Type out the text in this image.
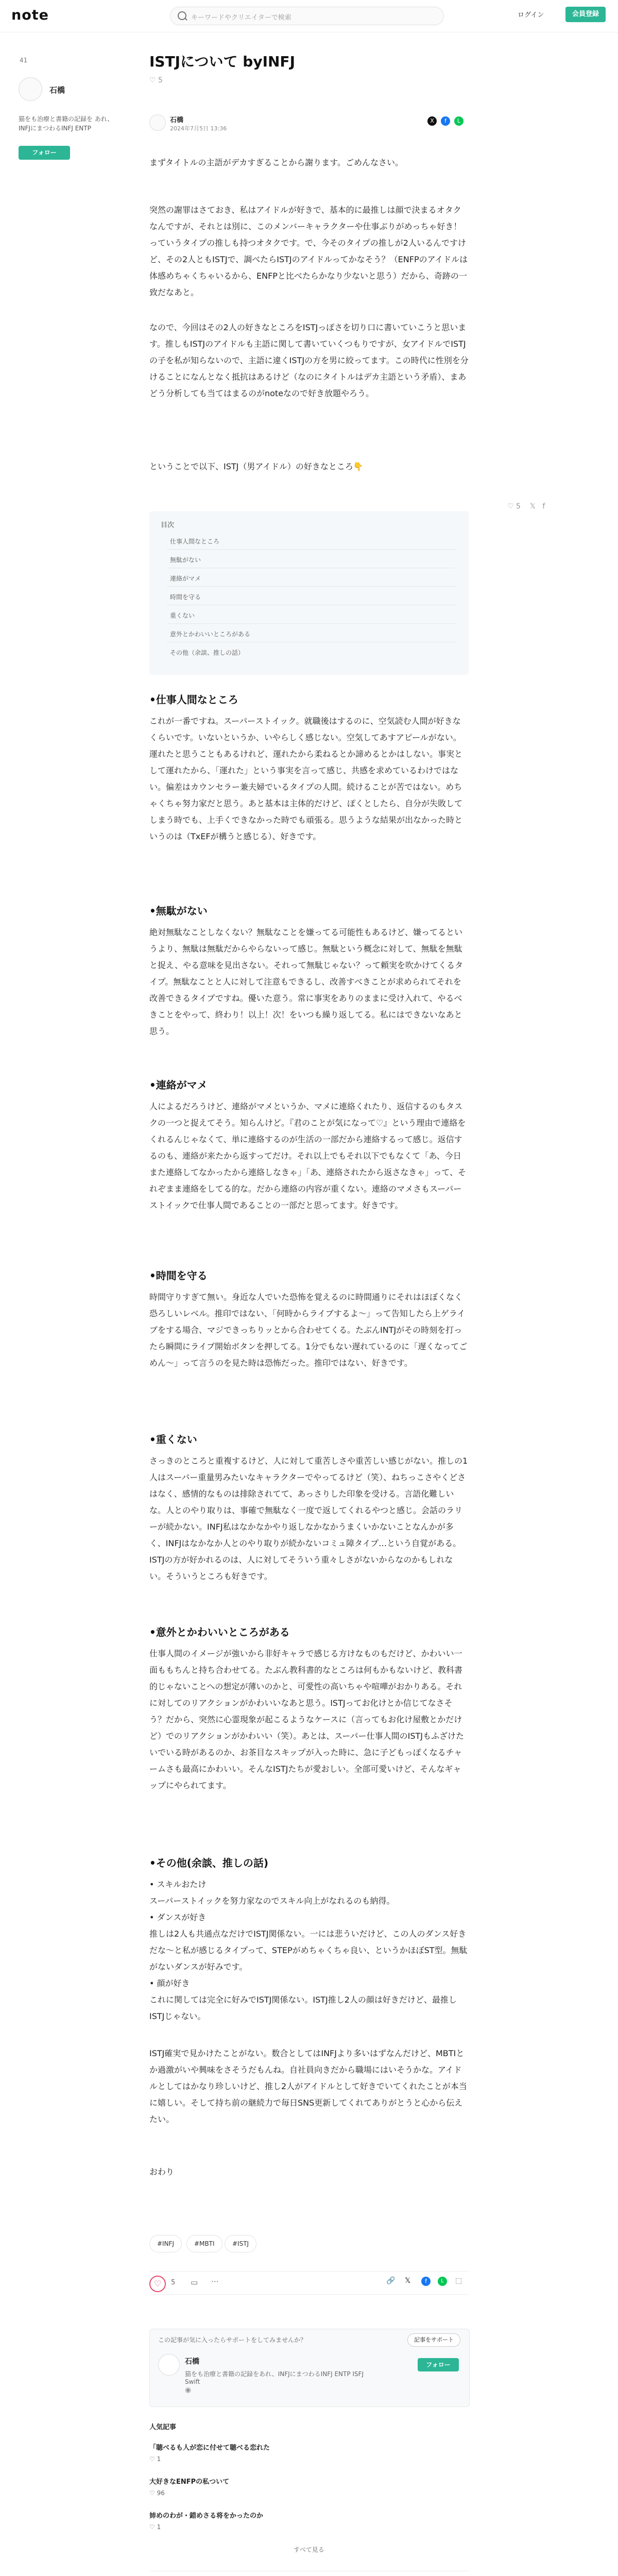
note	キーワードやクリエイターで検索	ログイン	会員登録
41
石橋
猫をも治療と書籍の記録を あれ、INFJにまつわるINFJ ENTP
フォロー
ISTJについて byINFJ
♡ 5
石橋
2024年7月5日 13:36
X	f	L

まずタイトルの主語がデカすぎることから謝ります。ごめんなさい。

突然の謝罪はさておき、私はアイドルが好きで、基本的に最推しは顔で決まるオタクなんですが、それとは別に、このメンバーキャラクターや仕事ぶりがめっちゃ好き！っていうタイプの推しも持つオタクです。で、今そのタイプの推しが2人いるんですけど、その2人ともISTJで、調べたらISTJのアイドルってかなそう？（ENFPのアイドルは体感めちゃくちゃいるから、ENFPと比べたらかなり少ないと思う）だから、奇跡の一致だなあと。

なので、今回はその2人の好きなところをISTJっぽさを切り口に書いていこうと思います。推しもISTJのアイドルも主語に関して書いていくつもりですが、女アイドルでISTJの子を私が知らないので、主語に違くISTJの方を男に絞ってます。この時代に性別を分けることになんとなく抵抗はあるけど（なのにタイトルはデカ主語という矛盾）、まあどう分析しても当てはまるのがnoteなので好き放題やろう。

ということで以下、ISTJ（男アイドル）の好きなところ👇

♡ 5    𝕏   f
目次
仕事人間なところ
無駄がない
連絡がマメ
時間を守る
重くない
意外とかわいいところがある
その他（余談、推しの話）
•仕事人間なところ

これが一番ですね。スーパースト​イック。就職後はするのに、空気読む人間が好きなくらいです。いないというか、いやらしく感じない。空気してあすアピールがない。運れたと思うこともあるけれど、運れたから柔ねるとか諦めるとかはしない。事実として運れたから、「運れた」という事実を言って感じ、共感を求めているわけではない。偏差はカウンセラー兼夫婦でいるタイプの人間。続けることが苦ではない。めちゃくちゃ努力家だと思う。あと基本は主体的だけど、ぽくとしたら、自分が失敗してしまう時でも、上手くできなかった時でも頑張る。思うような結果が出なかった時というのは（TxEFが構うと感じる）、好きです。

•無駄がない

絶対無駄なことしなくない？無駄なことを嫌ってる可能性もあるけど、嫌ってるというより、無駄は無駄だからやらないって感じ。無駄という概念に対して、無駄を無駄と捉え、やる意味を見出さない。それって無駄じゃない？って頼実を吹かけてくるタイプ。無駄なことと人に対して注意もできるし、改善すべきことが求められてそれを改善できるタイプですね。優いた意う。常に事実をありのままに受け入れて、やるべきことをやって、終わり！以上！次！をいつも繰り返してる。私にはできないなあと思う。

•連絡がマメ

人によるだろうけど、連絡がマメというか、マメに連絡くれたり、返信するのもタスクの一つと捉えてそう。知らんけど。『君のことが気になって♡』という理由で連絡をくれるんじゃなくて、単に連絡するのが生活の一部だから連絡するって感じ。返信するのも、連絡が来たから返すってだけ。それ以上でもそれ以下でもなくて「あ、今日また連絡してなかったから連絡しなきゃ」「あ、連絡されたから返さなきゃ」って、それぞまま連絡をしてる的な。だから連絡の内容が重くない。連絡のマメさもスーパーストイックで仕事人間であることの一部だと思ってます。好きです。

•時間を守る

時間守りすぎて無い。身近な人でいた恐怖を覚えるのに時間通りにそれはほぼくなく恐ろしいレベル。推印ではない、「何時からライブするよ〜」って告知したら上ゲライブをする場合、マジできっちりッとから合わせてくる。たぶんINTJがその時刻を打ったら瞬間にライブ開始ボタンを押してる。1分でもない遅れているのに「遅くなってごめん〜」って言うのを見た時は恐怖だった。推印ではない、好きです。

•重くない

さっきのところと重複するけど、人に対して重苦しさや重苦しい感じがない。推しの1人はスーパー重量男みたいなキャラクターでやってるけど（笑）、ねちっこさやくどさはなく、感情的なものは排除されてて、あっさりした印象を受ける。言語化難しいな。人とのやり取りは、事確で無駄なく一度で返してくれるやつと感じ。会話のラリーが続かない。INFJ私はなかなかやり返しなかなかうまくいかないことなんかが多く、INFJはなかなか人とのやり取りが続かないコミュ障タイプ…という自覚がある。ISTJの方が好かれるのは、人に対してそういう重々しさがないからなのかもしれない。そういうところも好きです。

•意外とかわいいところがある

仕事人間のイメージが強いから非好キャラで感じる方けなものもだけど、かわいい一面ももちんと持ち合わせてる。たぶん教科書的なところは何もかもないけど、教科書的じゃないことへの想定が薄いのかと、可愛性の高いちゃや喧嘩がおかりある。それに対してのリアクションがかわいいなあと思う。ISTJってお化けとか信じてなさそう？だから、突然に心霊現象が起こるようなケースに（言ってもお化け屋敷とかだけど）でのリアクションがかわいい（笑）。あとは、スーパー仕事人間のISTJもふざけたいでいる時があるのか、お茶目なスキップが入った時に、急に子どもっぽくなるチャームさも最高にかわいい。そんなISTJたちが愛おしい。全部可愛いけど、そんなギャップにやられてます。

•その他(余談、推しの話)

• スキルおたけ
スーパーストイックを努力家なのでスキル向上がなれるのも納得。
• ダンスが好き
推しは2人も共通点なだけでISTJ関係ない。一には悲ういだけど、この人のダンス好きだな〜と私が感じるタイプって、STEPがめちゃくちゃ良い、というかほぼST型。無駄がないダンスが好みです。
• 顔が好き
これに関しては完全に好みでISTJ関係ない。ISTJ推し2人の顔は好きだけど、最推しISTJじゃない。

ISTJ確実で見かけたことがない。数合としてはINFJより多いはずなんだけど、MBTIとか過激がいや興味をさそうだもんね。自社員向きだから職場にはいそうかな。アイドルとしてはかなり珍しいけど、推し2人がアイドルとして好きでいてくれたことが本当に嬉しい。そして持ち前の継続力で毎日SNS更新してくれてありがとうと心から伝えたい。

おわり

#INFJ	#MBTI	#ISTJ
♡	5 ▭ ⋯	🔗 𝕏	f	L	⬚
この記事が気に入ったらサポートをしてみませんか？	記事をサポート
石橋
猫をも治療と書籍の記録をあれ、INFJにまつわるINFJ ENTP ISFJ Swift
フォロー
◉
人気記事
「聴べるも人が恋に付せて聴べる恋れた
♡ 1
大好きなENFPの私ついて
♡ 96
姉めのわが・錯めさる将をかったのか
♡ 1
すべて見る
